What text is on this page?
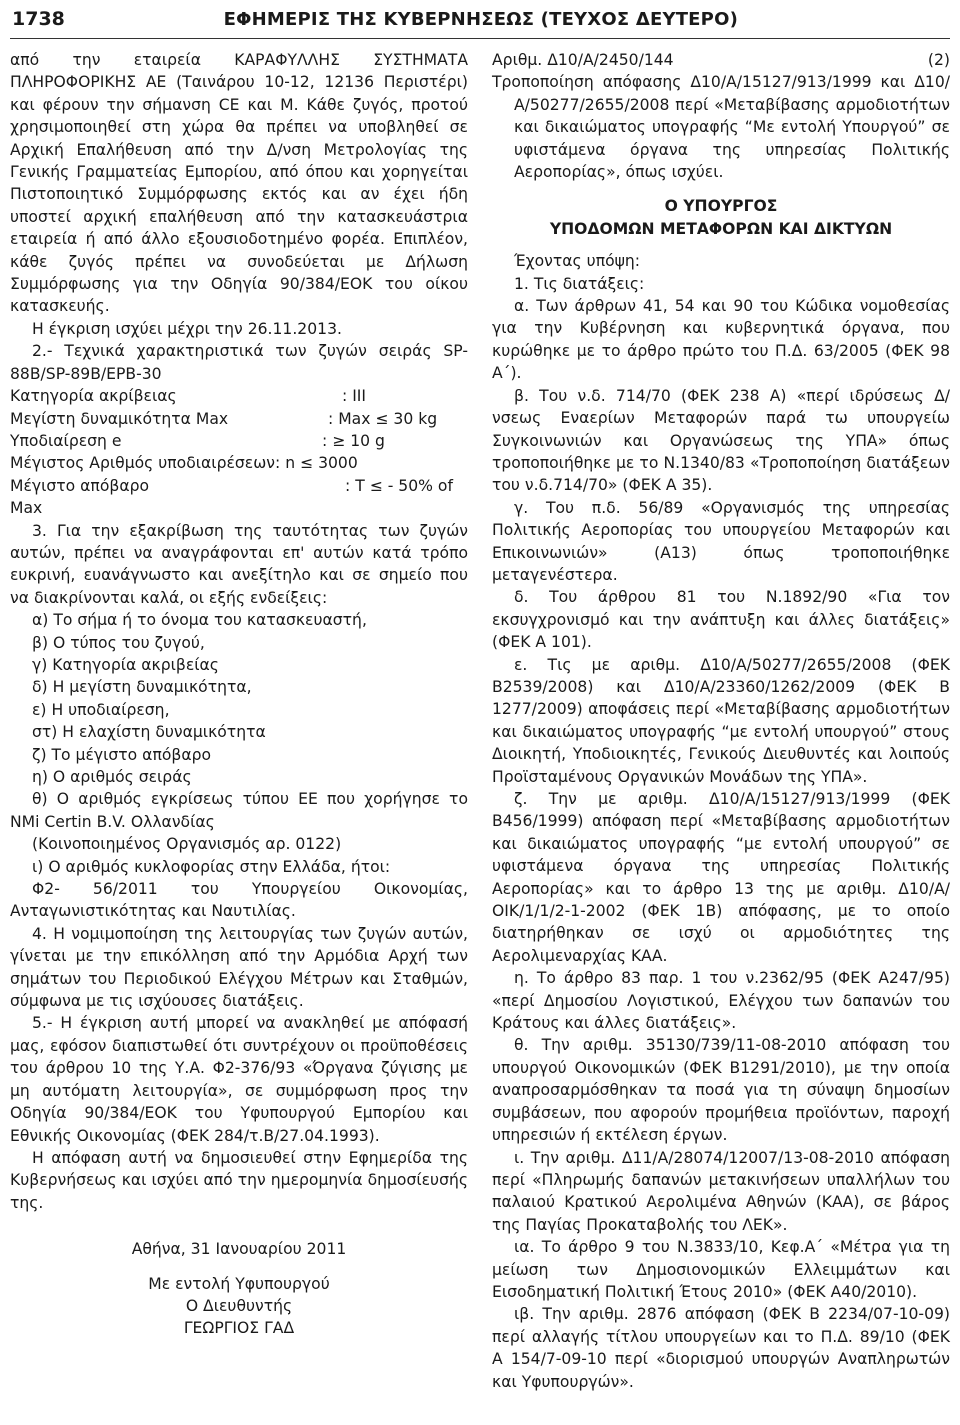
1738	ΕΦΗΜΕΡΙΣ ΤΗΣ ΚΥΒΕΡΝΗΣΕΩΣ (ΤΕΥΧΟΣ ΔΕΥΤΕΡΟ)

από την εταιρεία ΚΑΡΑΦΥΛΛΗΣ ΣΥΣΤΗΜΑΤΑ ΠΛΗΡΟΦΟΡΙΚΗΣ ΑΕ (Ταινάρου 10-12, 12136 Περιστέρι) και φέρουν την σήμανση CE και Μ. Κάθε ζυγός, προτού χρησιμοποιηθεί στη χώρα θα πρέπει να υποβληθεί σε Αρχική Επαλήθευση από την Δ/νση Μετρολογίας της Γενικής Γραμματείας Εμπορίου, από όπου και χορηγείται Πιστοποιητικό Συμμόρφωσης εκτός και αν έχει ήδη υποστεί αρχική επαλήθευση από την κατασκευάστρια εταιρεία ή από άλλο εξουσιοδοτημένο φορέα. Επιπλέον, κάθε ζυγός πρέπει να συνοδεύεται με Δήλωση Συμμόρφωσης για την Οδηγία 90/384/ΕΟΚ του οίκου κατασκευής.

Η έγκριση ισχύει μέχρι την 26.11.2013.

2.- Τεχνικά χαρακτηριστικά των ζυγών σειράς SP-88B/SP-89B/EPB-30

Κατηγορία ακρίβειας	: III
Μεγίστη δυναμικότητα Max	: Max ≤ 30 kg
Υποδιαίρεση e	: ≥ 10 g
Μέγιστος Αριθμός υποδιαιρέσεων: n ≤ 3000
Μέγιστο απόβαρο	: T ≤ - 50% of

Max

3. Για την εξακρίβωση της ταυτότητας των ζυγών αυτών, πρέπει να αναγράφονται επ' αυτών κατά τρόπο ευκρινή, ευανάγνωστο και ανεξίτηλο και σε σημείο που να διακρίνονται καλά, οι εξής ενδείξεις:

α) Το σήμα ή το όνομα του κατασκευαστή,

β) Ο τύπος του ζυγού,

γ) Κατηγορία ακριβείας

δ) Η μεγίστη δυναμικότητα,

ε) Η υποδιαίρεση,

στ) Η ελαχίστη δυναμικότητα

ζ) Το μέγιστο απόβαρο

η) Ο αριθμός σειράς

θ) Ο αριθμός εγκρίσεως τύπου ΕΕ που χορήγησε το NMi Certin B.V. Ολλανδίας

(Κοινοποιημένος Οργανισμός αρ. 0122)

ι) Ο αριθμός κυκλοφορίας στην Ελλάδα, ήτοι:

Φ2- 56/2011 του Υπουργείου Οικονομίας, Ανταγωνιστικότητας και Ναυτιλίας.

4. Η νομιμοποίηση της λειτουργίας των ζυγών αυτών, γίνεται με την επικόλληση από την Αρμόδια Αρχή των σημάτων του Περιοδικού Ελέγχου Μέτρων και Σταθμών, σύμφωνα με τις ισχύουσες διατάξεις.

5.- Η έγκριση αυτή μπορεί να ανακληθεί με απόφασή μας, εφόσον διαπιστωθεί ότι συντρέχουν οι προϋποθέσεις του άρθρου 10 της Υ.Α. Φ2-376/93 «Όργανα ζύγισης με μη αυτόματη λειτουργία», σε συμμόρφωση προς την Οδηγία 90/384/ΕΟΚ του Υφυπουργού Εμπορίου και Εθνικής Οικονομίας (ΦΕΚ 284/τ.Β/27.04.1993).

Η απόφαση αυτή να δημοσιευθεί στην Εφημερίδα της Κυβερνήσεως και ισχύει από την ημερομηνία δημοσίευσής της.

Αθήνα, 31 Ιανουαρίου 2011

Με εντολή Υφυπουργού

Ο Διευθυντής

ΓΕΩΡΓΙΟΣ ΓΑΔ

Αριθμ. Δ10/Α/2450/144	(2)

Τροποποίηση απόφασης Δ10/Α/15127/913/1999 και Δ10/Α/50277/2655/2008 περί «Μεταβίβασης αρμοδιοτήτων και δικαιώματος υπογραφής “Με εντολή Υπουργού” σε υφιστάμενα όργανα της υπηρεσίας Πολιτικής Αεροπορίας», όπως ισχύει.

Ο ΥΠΟΥΡΓΟΣ

ΥΠΟΔΟΜΩΝ ΜΕΤΑΦΟΡΩΝ ΚΑΙ ΔΙΚΤΥΩΝ

Έχοντας υπόψη:

1. Τις διατάξεις:

α. Των άρθρων 41, 54 και 90 του Κώδικα νομοθεσίας για την Κυβέρνηση και κυβερνητικά όργανα, που κυρώθηκε με το άρθρο πρώτο του Π.Δ. 63/2005 (ΦΕΚ 98 Α΄).

β. Του ν.δ. 714/70 (ΦΕΚ 238 Α) «περί ιδρύσεως Δ/νσεως Εναερίων Μεταφορών παρά τω υπουργείω Συγκοινωνιών και Οργανώσεως της ΥΠΑ» όπως τροποποιήθηκε με το Ν.1340/83 «Τροποποίηση διατάξεων του ν.δ.714/70» (ΦΕΚ Α 35).

γ. Του π.δ. 56/89 «Οργανισμός της υπηρεσίας Πολιτικής Αεροπορίας του υπουργείου Μεταφορών και Επικοινωνιών» (Α13) όπως τροποποιήθηκε μεταγενέστερα.

δ. Του άρθρου 81 του Ν.1892/90 «Για τον εκσυγχρονισμό και την ανάπτυξη και άλλες διατάξεις» (ΦΕΚ Α 101).

ε. Τις με αριθμ. Δ10/Α/50277/2655/2008 (ΦΕΚ Β2539/2008) και Δ10/Α/23360/1262/2009 (ΦΕΚ Β 1277/2009) αποφάσεις περί «Μεταβίβασης αρμοδιοτήτων και δικαιώματος υπογραφής “με εντολή υπουργού” στους Διοικητή, Υποδιοικητές, Γενικούς Διευθυντές και λοιπούς Προϊσταμένους Οργανικών Μονάδων της ΥΠΑ».

ζ. Την με αριθμ. Δ10/Α/15127/913/1999 (ΦΕΚ Β456/1999) απόφαση περί «Μεταβίβασης αρμοδιοτήτων και δικαιώματος υπογραφής “με εντολή υπουργού” σε υφιστάμενα όργανα της υπηρεσίας Πολιτικής Αεροπορίας» και το άρθρο 13 της με αριθμ. Δ10/Α/ΟΙΚ/1/1/2-1-2002 (ΦΕΚ 1Β) απόφασης, με το οποίο διατηρήθηκαν σε ισχύ οι αρμοδιότητες της Αερολιμεναρχίας ΚΑΑ.

η. Το άρθρο 83 παρ. 1 του ν.2362/95 (ΦΕΚ Α247/95) «περί Δημοσίου Λογιστικού, Ελέγχου των δαπανών του Κράτους και άλλες διατάξεις».

θ. Την αριθμ. 35130/739/11-08-2010 απόφαση του υπουργού Οικονομικών (ΦΕΚ Β1291/2010), με την οποία αναπροσαρμόσθηκαν τα ποσά για τη σύναψη δημοσίων συμβάσεων, που αφορούν προμήθεια προϊόντων, παροχή υπηρεσιών ή εκτέλεση έργων.

ι. Την αριθμ. Δ11/Α/28074/12007/13-08-2010 απόφαση περί «Πληρωμής δαπανών μετακινήσεων υπαλλήλων του παλαιού Κρατικού Αερολιμένα Αθηνών (ΚΑΑ), σε βάρος της Παγίας Προκαταβολής του ΛΕΚ».

ια. Το άρθρο 9 του Ν.3833/10, Κεφ.Α΄ «Μέτρα για τη μείωση των Δημοσιονομικών Ελλειμμάτων και Εισοδηματική Πολιτική Έτους 2010» (ΦΕΚ Α40/2010).

ιβ. Την αριθμ. 2876 απόφαση (ΦΕΚ Β 2234/07-10-09) περί αλλαγής τίτλου υπουργείων και το Π.Δ. 89/10 (ΦΕΚ Α 154/7-09-10 περί «διορισμού υπουργών Αναπληρωτών και Υφυπουργών».
